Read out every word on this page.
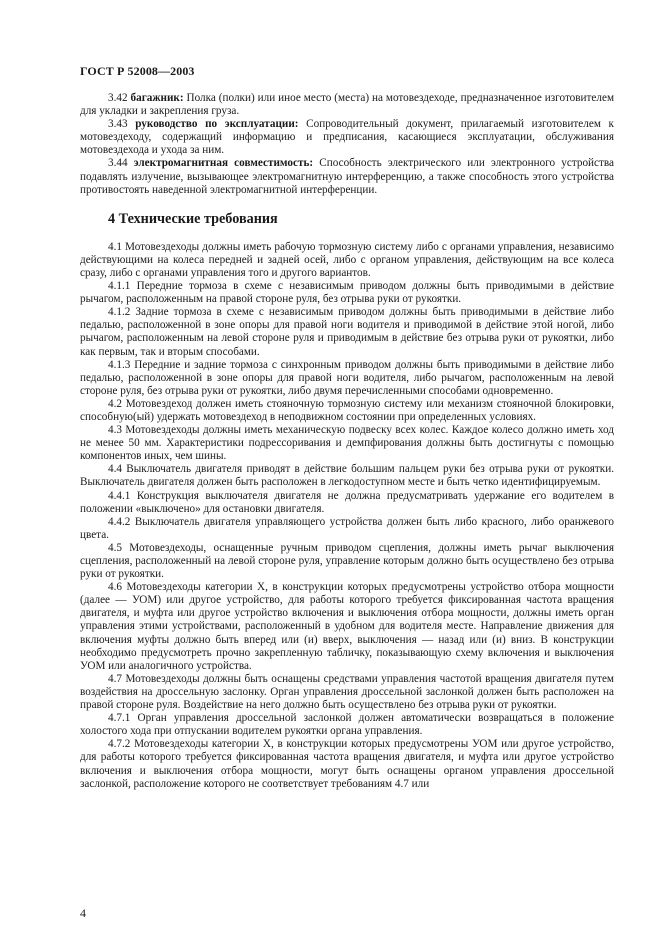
ГОСТ Р 52008—2003

3.42 багажник: Полка (полки) или иное место (места) на мотовездеходе, предназначенное изготовителем для укладки и закрепления груза.

3.43 руководство по эксплуатации: Сопроводительный документ, прилагаемый изготовителем к мотовездеходу, содержащий информацию и предписания, касающиеся эксплуатации, обслуживания мотовездехода и ухода за ним.

3.44 электромагнитная совместимость: Способность электрического или электронного устройства подавлять излучение, вызывающее электромагнитную интерференцию, а также способность этого устройства противостоять наведенной электромагнитной интерференции.

4 Технические требования

4.1 Мотовездеходы должны иметь рабочую тормозную систему либо с органами управления, независимо действующими на колеса передней и задней осей, либо с органом управления, действующим на все колеса сразу, либо с органами управления того и другого вариантов.

4.1.1 Передние тормоза в схеме с независимым приводом должны быть приводимыми в действие рычагом, расположенным на правой стороне руля, без отрыва руки от рукоятки.

4.1.2 Задние тормоза в схеме с независимым приводом должны быть приводимыми в действие либо педалью, расположенной в зоне опоры для правой ноги водителя и приводимой в действие этой ногой, либо рычагом, расположенным на левой стороне руля и приводимым в действие без отрыва руки от рукоятки, либо как первым, так и вторым способами.

4.1.3 Передние и задние тормоза с синхронным приводом должны быть приводимыми в действие либо педалью, расположенной в зоне опоры для правой ноги водителя, либо рычагом, расположенным на левой стороне руля, без отрыва руки от рукоятки, либо двумя перечисленными способами одновременно.

4.2 Мотовездеход должен иметь стояночную тормозную систему или механизм стояночной блокировки, способную(ый) удержать мотовездеход в неподвижном состоянии при определенных условиях.

4.3 Мотовездеходы должны иметь механическую подвеску всех колес. Каждое колесо должно иметь ход не менее 50 мм. Характеристики подрессоривания и демпфирования должны быть достигнуты с помощью компонентов иных, чем шины.

4.4 Выключатель двигателя приводят в действие большим пальцем руки без отрыва руки от рукоятки. Выключатель двигателя должен быть расположен в легкодоступном месте и быть четко идентифицируемым.

4.4.1 Конструкция выключателя двигателя не должна предусматривать удержание его водителем в положении «выключено» для остановки двигателя.

4.4.2 Выключатель двигателя управляющего устройства должен быть либо красного, либо оранжевого цвета.

4.5 Мотовездеходы, оснащенные ручным приводом сцепления, должны иметь рычаг выключения сцепления, расположенный на левой стороне руля, управление которым должно быть осуществлено без отрыва руки от рукоятки.

4.6 Мотовездеходы категории X, в конструкции которых предусмотрены устройство отбора мощности (далее — УОМ) или другое устройство, для работы которого требуется фиксированная частота вращения двигателя, и муфта или другое устройство включения и выключения отбора мощности, должны иметь орган управления этими устройствами, расположенный в удобном для водителя месте. Направление движения для включения муфты должно быть вперед или (и) вверх, выключения — назад или (и) вниз. В конструкции необходимо предусмотреть прочно закрепленную табличку, показывающую схему включения и выключения УОМ или аналогичного устройства.

4.7 Мотовездеходы должны быть оснащены средствами управления частотой вращения двигателя путем воздействия на дроссельную заслонку. Орган управления дроссельной заслонкой должен быть расположен на правой стороне руля. Воздействие на него должно быть осуществлено без отрыва руки от рукоятки.

4.7.1 Орган управления дроссельной заслонкой должен автоматически возвращаться в положение холостого хода при отпускании водителем рукоятки органа управления.

4.7.2 Мотовездеходы категории X, в конструкции которых предусмотрены УОМ или другое устройство, для работы которого требуется фиксированная частота вращения двигателя, и муфта или другое устройство включения и выключения отбора мощности, могут быть оснащены органом управления дроссельной заслонкой, расположение которого не соответствует требованиям 4.7 или

4
